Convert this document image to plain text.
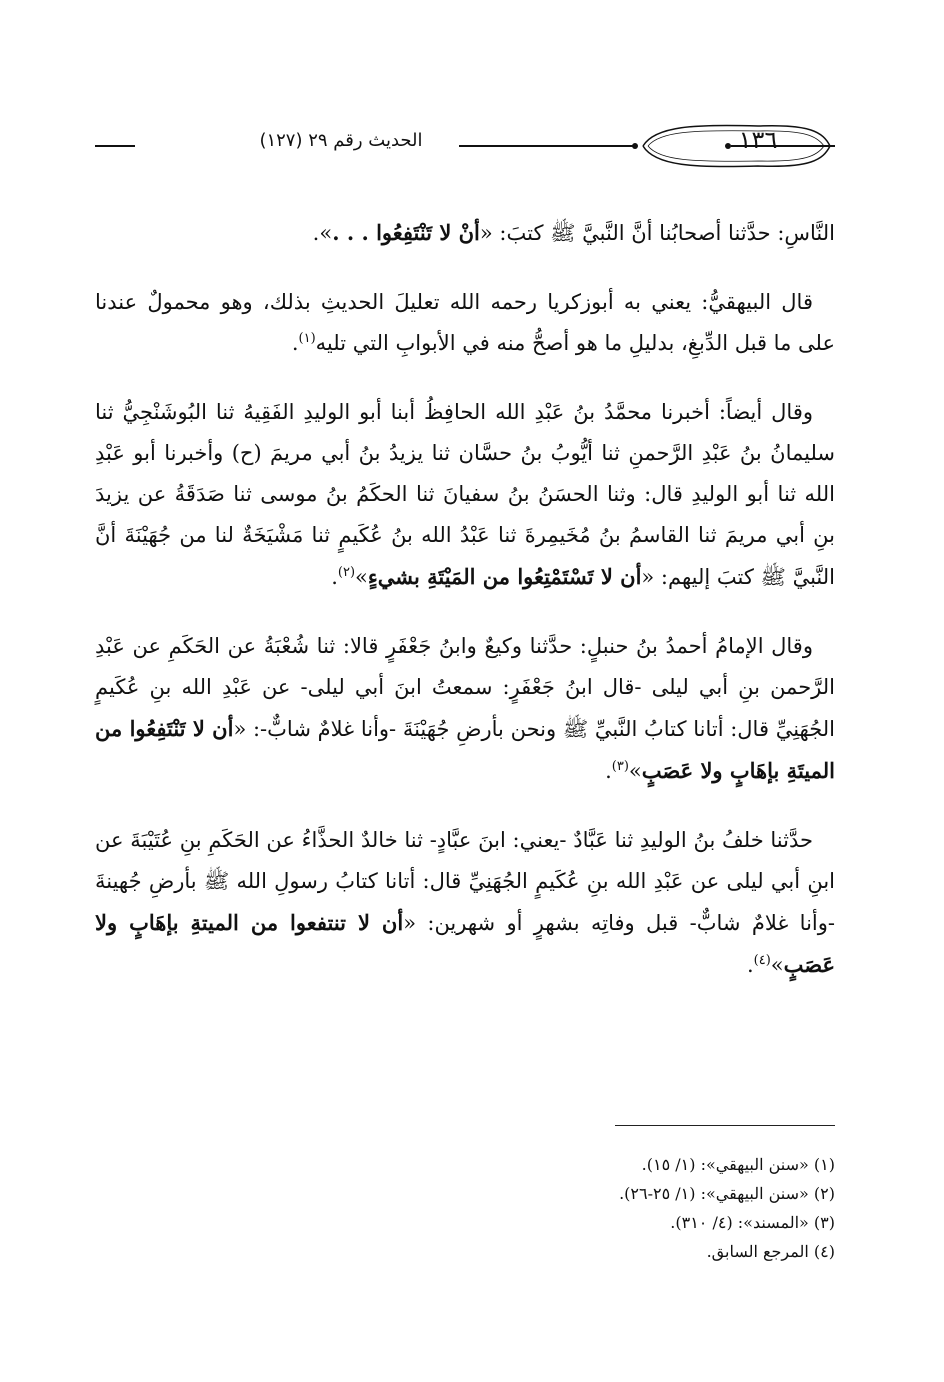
١٣٦
الحديث رقم ٢٩ (١٢٧)

النَّاسِ: حدَّثنا أصحابُنا أنَّ النَّبيَّ ﷺ كتبَ: «أنْ لا تَنْتَفِعُوا . . .».

قال البيهقيُّ: يعني به أبوزكريا رحمه الله تعليلَ الحديثِ بذلك، وهو محمولٌ عندنا على ما قبل الدِّبغِ، بدليلِ ما هو أصحُّ منه في الأبوابِ التي تليه$^{(١)}$.

وقال أيضاً: أخبرنا محمَّدُ بنُ عَبْدِ الله الحافِظُ أبنا أبو الوليدِ الفَقِيهُ ثنا البُوشَنْجِيُّ ثنا سليمانُ بنُ عَبْدِ الرَّحمنِ ثنا أيُّوبُ بنُ حسَّان ثنا يزيدُ بنُ أبي مريمَ (ح) وأخبرنا أبو عَبْدِ الله ثنا أبو الوليدِ قال: وثنا الحسَنُ بنُ سفيانَ ثنا الحكَمُ بنُ موسى ثنا صَدَقَةُ عن يزيدَ بنِ أبي مريمَ ثنا القاسمُ بنُ مُخَيمِرةَ ثنا عَبْدُ الله بنُ عُكَيمٍ ثنا مَشْيَخَةٌ لنا من جُهَيْنَةَ أنَّ النَّبيَّ ﷺ كتبَ إليهم: «أن لا تَسْتَمْتِعُوا من المَيْتَةِ بشيءٍ»$^{(٢)}$.

وقال الإمامُ أحمدُ بنُ حنبلٍ: حدَّثنا وكيعٌ وابنُ جَعْفَرٍ قالا: ثنا شُعْبَةُ عن الحَكَمِ عن عَبْدِ الرَّحمن بنِ أبي ليلى -قال ابنُ جَعْفَرٍ: سمعتُ ابنَ أبي ليلى- عن عَبْدِ الله بنِ عُكَيمٍ الجُهَنِيِّ قال: أتانا كتابُ النَّبيِّ ﷺ ونحن بأرضِ جُهَيْنَةَ -وأنا غلامٌ شابٌّ-: «أن لا تَنْتَفِعُوا من الميتَةِ بإهَابٍ ولا عَصَبٍ»$^{(٣)}$.

حدَّثنا خلفُ بنُ الوليدِ ثنا عَبَّادٌ -يعني: ابنَ عبَّادٍ- ثنا خالدٌ الحذَّاءُ عن الحَكَمِ بنِ عُتَيْبَةَ عن ابنِ أبي ليلى عن عَبْدِ الله بنِ عُكَيمٍ الجُهَنِيِّ قال: أتانا كتابُ رسولِ الله ﷺ بأرضِ جُهينةَ -وأنا غلامٌ شابٌّ- قبل وفاتِه بشهرٍ أو شهرين: «أن لا تنتفعوا من الميتةِ بإهَابٍ ولا عَصَبٍ»$^{(٤)}$.

(١) «سنن البيهقي»: (١/ ١٥).

(٢) «سنن البيهقي»: (١/ ٢٥-٢٦).

(٣) «المسند»: (٤/ ٣١٠).

(٤) المرجع السابق.
